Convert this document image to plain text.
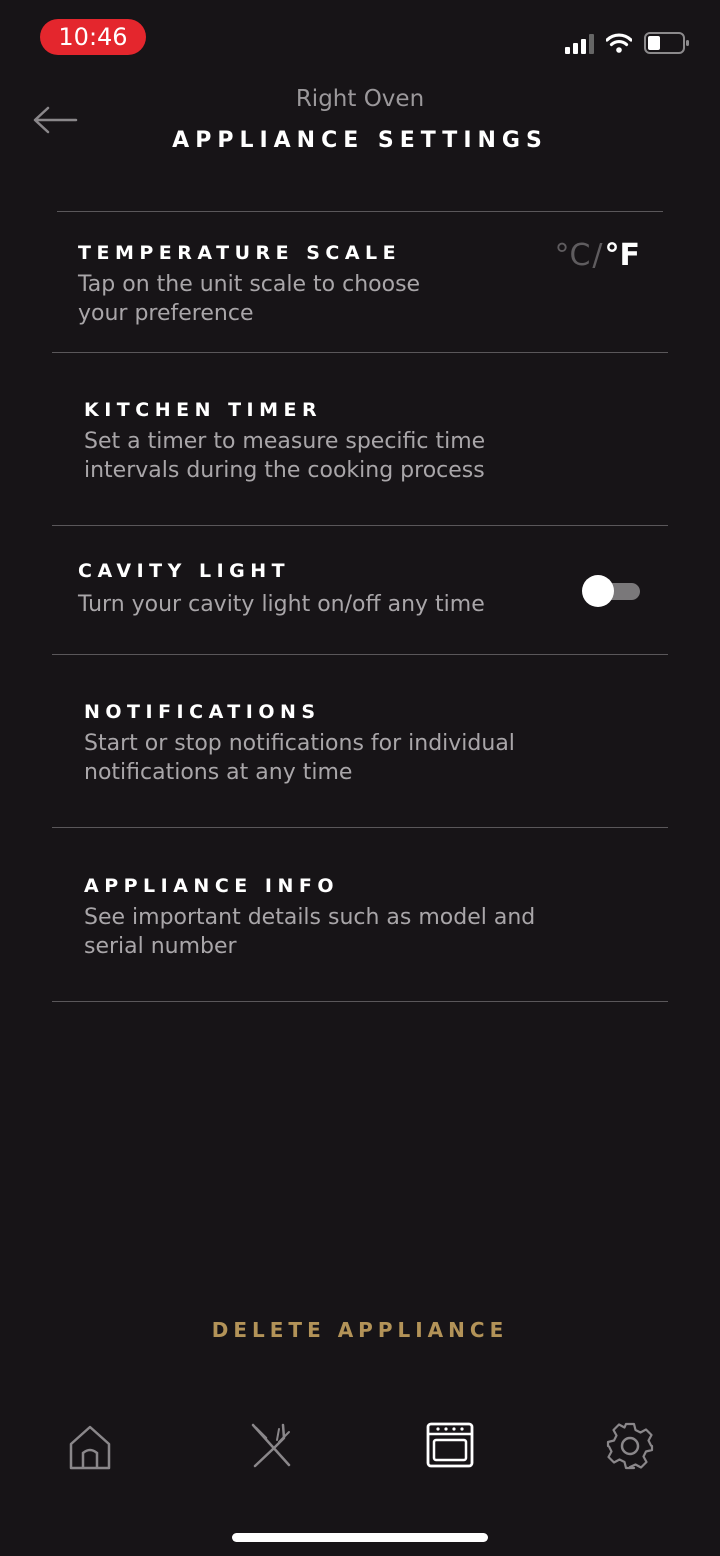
10:46
Right Oven
APPLIANCE SETTINGS
TEMPERATURE SCALE
Tap on the unit scale to choose
your preference
°C / °F
KITCHEN TIMER
Set a timer to measure specific time
intervals during the cooking process
CAVITY LIGHT
Turn your cavity light on/off any time
NOTIFICATIONS
Start or stop notifications for individual
notifications at any time
APPLIANCE INFO
See important details such as model and
serial number
DELETE APPLIANCE
